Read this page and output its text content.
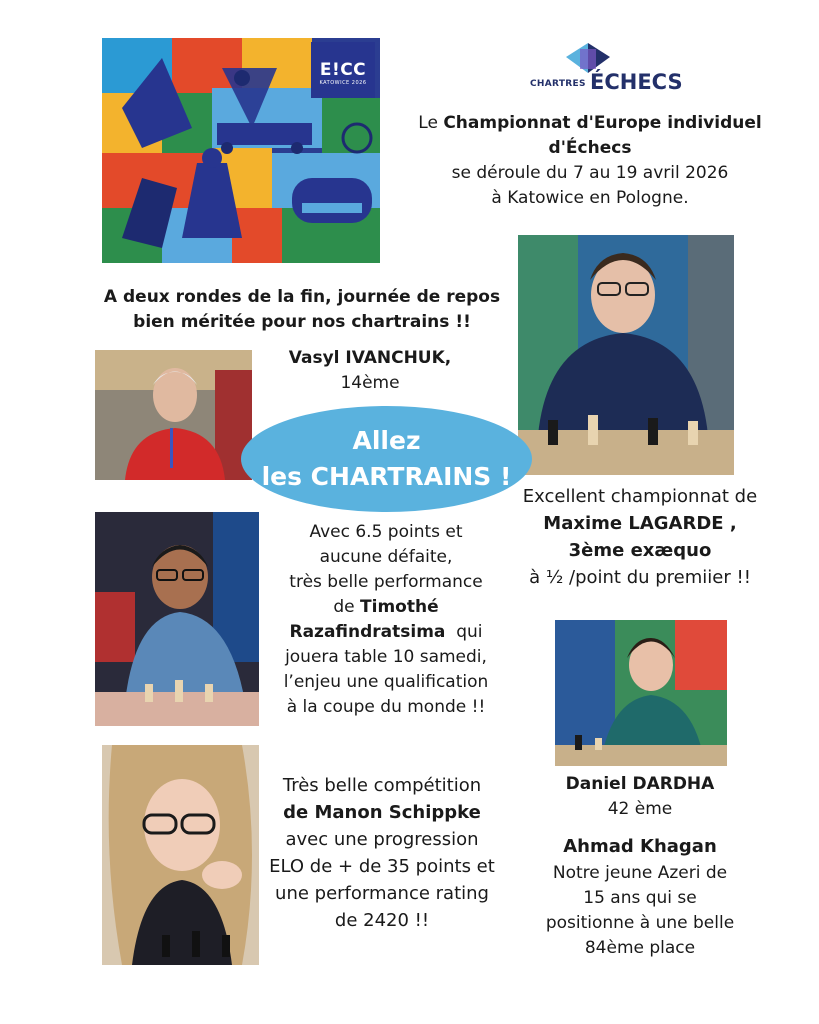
E!CC
KATOWICE 2026	CHARTRES ÉCHECS
Le Championnat d'Europe individuel
d'Échecs
se déroule du 7 au 19 avril 2026
à Katowice en Pologne.
A deux rondes de la fin, journée de repos
bien méritée pour nos chartrains !!
Vasyl IVANCHUK,
14ème
Allez
les CHARTRAINS !
Excellent championnat de
Maxime LAGARDE ,
3ème exæquo
à ½ /point du premiier !!
Avec 6.5 points et
aucune défaite,
très belle performance
de Timothé
Razafindratsima  qui
jouera table 10 samedi,
l’enjeu une qualification
à la coupe du monde !!
Daniel DARDHA
42 ème
Ahmad Khagan
Notre jeune Azeri de
15 ans qui se
positionne à une belle
84ème place
Très belle compétition
de Manon Schippke
avec une progression
ELO de + de 35 points et
une performance rating
de 2420 !!
